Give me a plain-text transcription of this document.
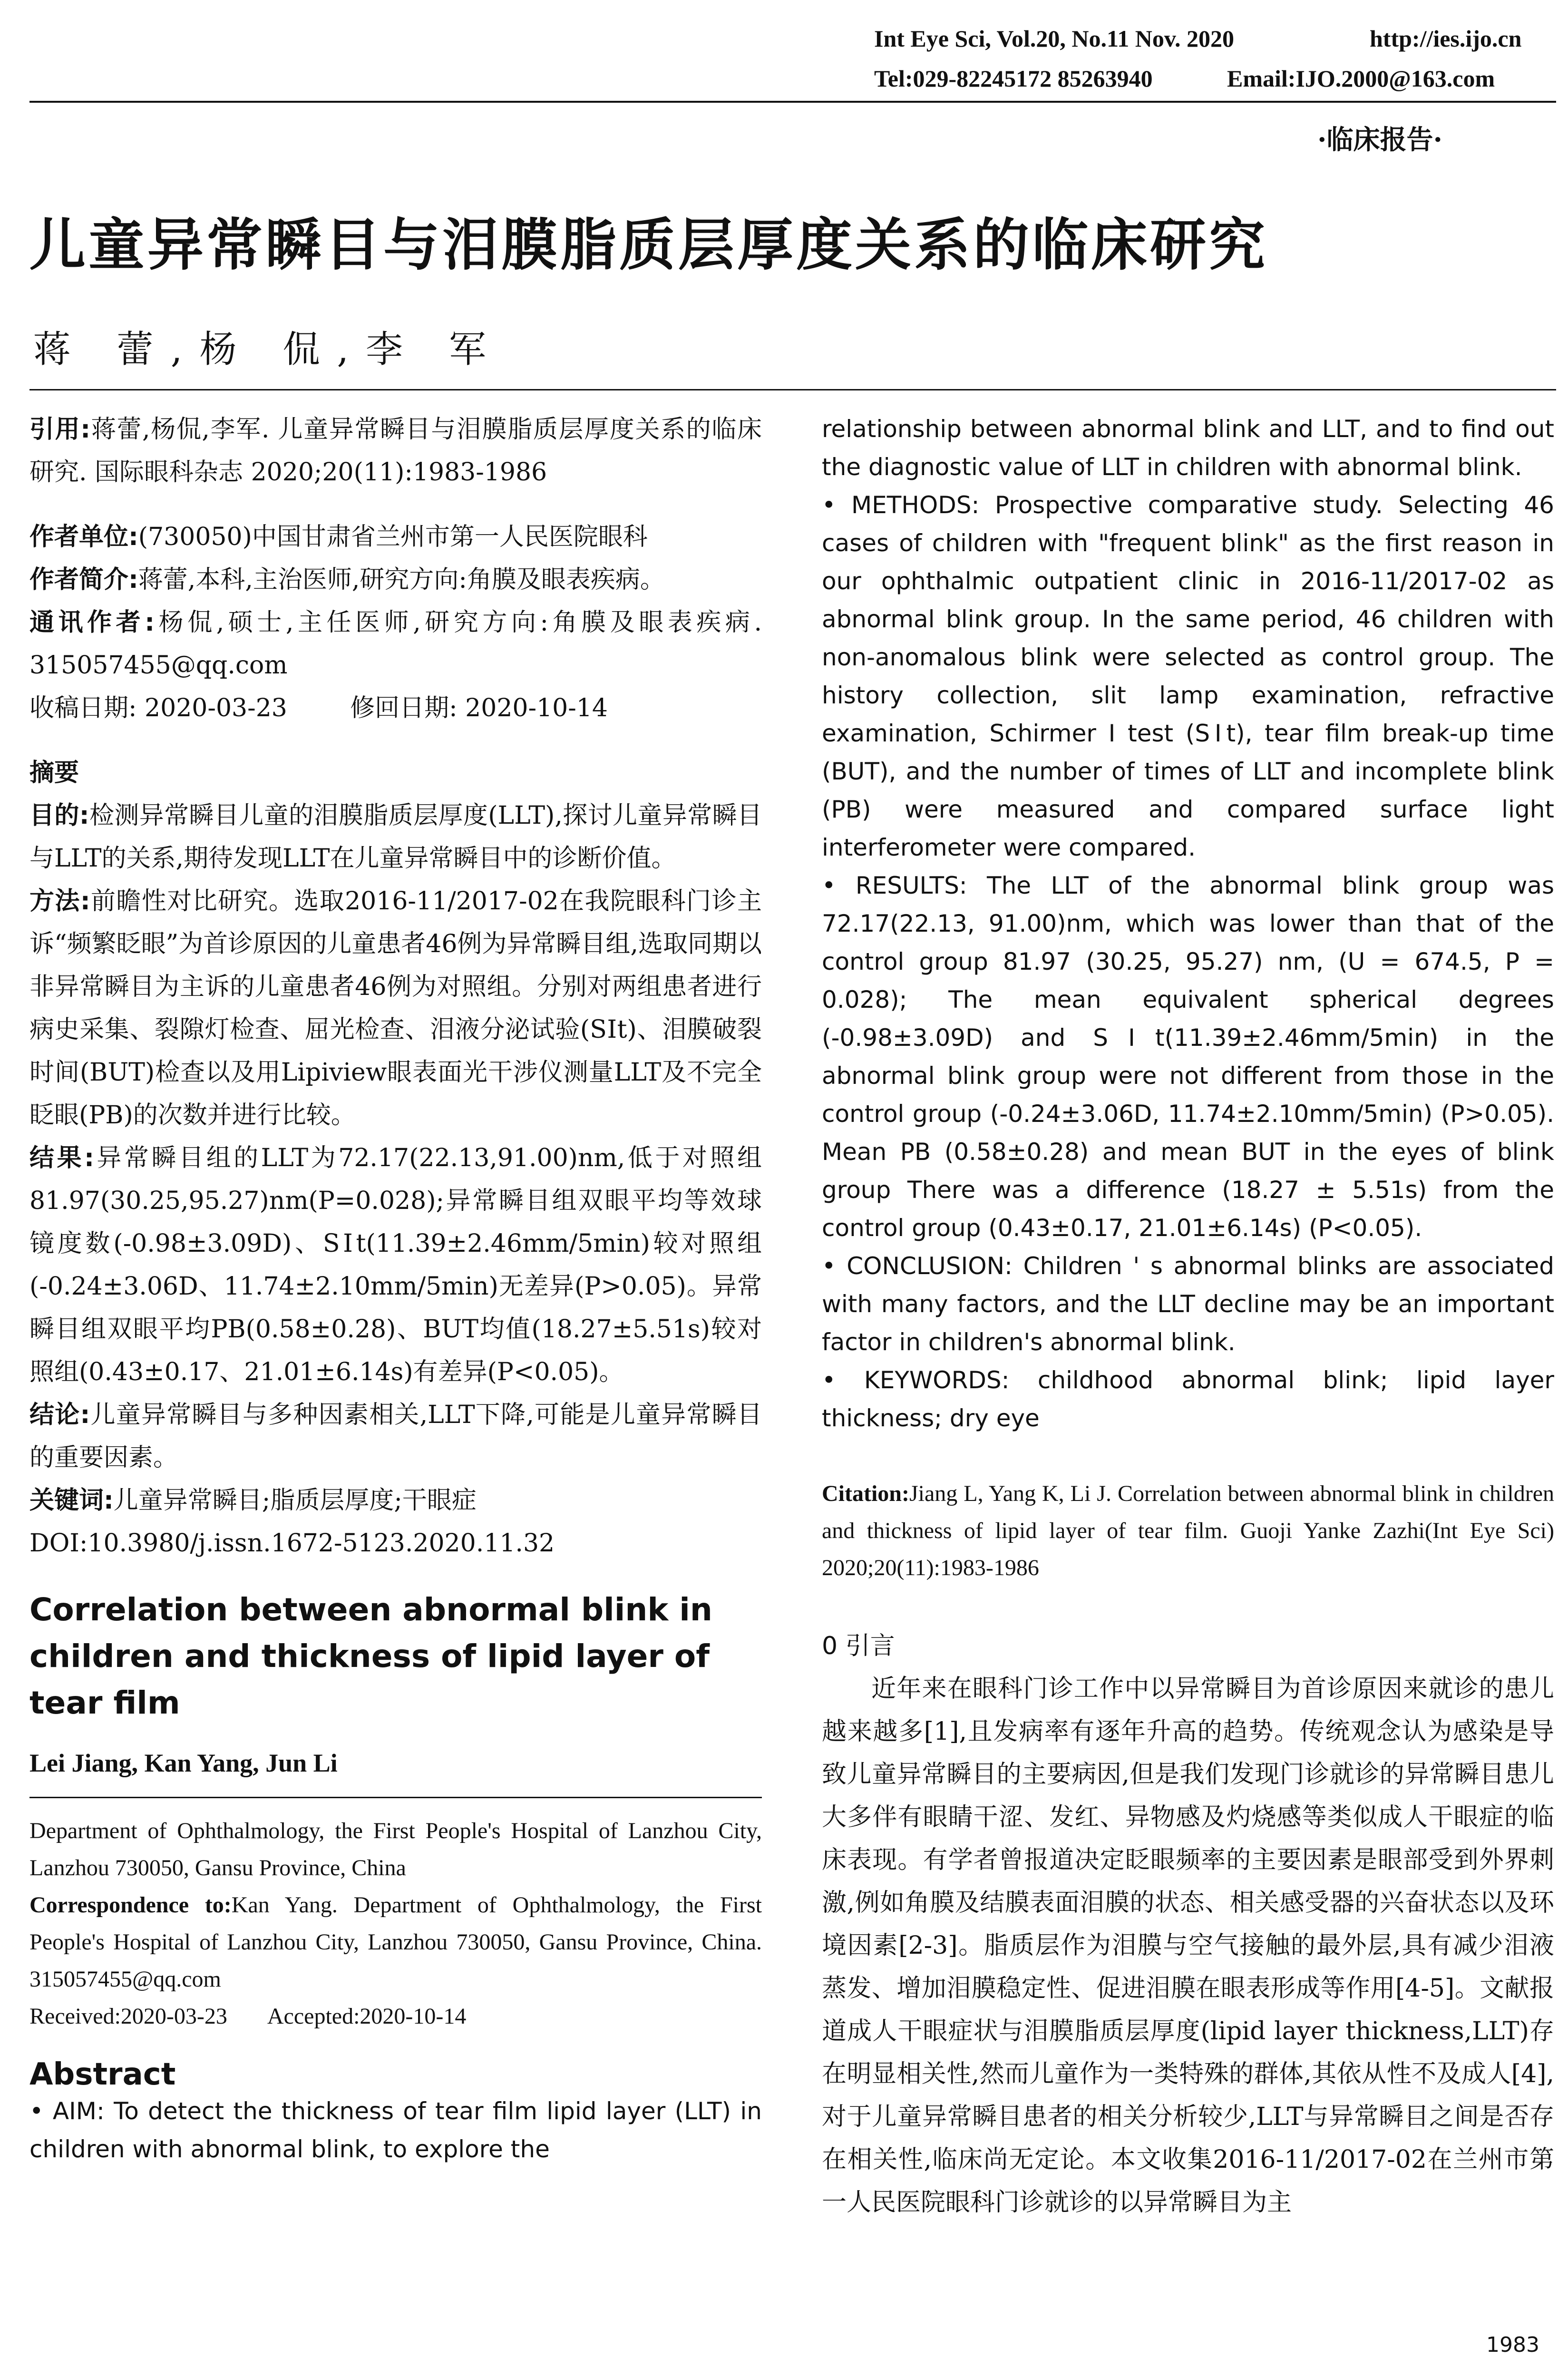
Int Eye Sci, Vol.20, No.11 Nov. 2020	http://ies.ijo.cn
Tel:029-82245172 85263940	Email:IJO.2000@163.com
·临床报告·
儿童异常瞬目与泪膜脂质层厚度关系的临床研究
蒋 蕾,杨 侃,李 军

引用:蒋蕾,杨侃,李军. 儿童异常瞬目与泪膜脂质层厚度关系的临床研究. 国际眼科杂志 2020;20(11):1983-1986

作者单位:(730050)中国甘肃省兰州市第一人民医院眼科

作者简介:蒋蕾,本科,主治医师,研究方向:角膜及眼表疾病。

通讯作者:杨侃,硕士,主任医师,研究方向:角膜及眼表疾病. 315057455@qq.com

收稿日期: 2020-03-23	修回日期: 2020-10-14

摘要

目的:检测异常瞬目儿童的泪膜脂质层厚度(LLT),探讨儿童异常瞬目与LLT的关系,期待发现LLT在儿童异常瞬目中的诊断价值。

方法:前瞻性对比研究。选取2016-11/2017-02在我院眼科门诊主诉“频繁眨眼”为首诊原因的儿童患者46例为异常瞬目组,选取同期以非异常瞬目为主诉的儿童患者46例为对照组。分别对两组患者进行病史采集、裂隙灯检查、屈光检查、泪液分泌试验(SⅠt)、泪膜破裂时间(BUT)检查以及用Lipiview眼表面光干涉仪测量LLT及不完全眨眼(PB)的次数并进行比较。

结果:异常瞬目组的LLT为72.17(22.13,91.00)nm,低于对照组81.97(30.25,95.27)nm(P=0.028);异常瞬目组双眼平均等效球镜度数(-0.98±3.09D)、SⅠt(11.39±2.46mm/5min)较对照组(-0.24±3.06D、11.74±2.10mm/5min)无差异(P>0.05)。异常瞬目组双眼平均PB(0.58±0.28)、BUT均值(18.27±5.51s)较对照组(0.43±0.17、21.01±6.14s)有差异(P<0.05)。

结论:儿童异常瞬目与多种因素相关,LLT下降,可能是儿童异常瞬目的重要因素。

关键词:儿童异常瞬目;脂质层厚度;干眼症

DOI:10.3980/j.issn.1672-5123.2020.11.32

Correlation between abnormal blink in children and thickness of lipid layer of tear film

Lei Jiang, Kan Yang, Jun Li

Department of Ophthalmology, the First People's Hospital of Lanzhou City, Lanzhou 730050, Gansu Province, China

Correspondence to:Kan Yang. Department of Ophthalmology, the First People's Hospital of Lanzhou City, Lanzhou 730050, Gansu Province, China. 315057455@qq.com

Received:2020-03-23 Accepted:2020-10-14

Abstract

• AIM: To detect the thickness of tear film lipid layer (LLT) in children with abnormal blink, to explore the

relationship between abnormal blink and LLT, and to find out the diagnostic value of LLT in children with abnormal blink.

• METHODS: Prospective comparative study. Selecting 46 cases of children with "frequent blink" as the first reason in our ophthalmic outpatient clinic in 2016-11/2017-02 as abnormal blink group. In the same period, 46 children with non-anomalous blink were selected as control group. The history collection, slit lamp examination, refractive examination, Schirmer I test (SⅠt), tear film break-up time (BUT), and the number of times of LLT and incomplete blink (PB) were measured and compared surface light interferometer were compared.

• RESULTS: The LLT of the abnormal blink group was 72.17(22.13, 91.00)nm, which was lower than that of the control group 81.97 (30.25, 95.27) nm, (U = 674.5, P = 0.028); The mean equivalent spherical degrees (-0.98±3.09D) and SⅠt(11.39±2.46mm/5min) in the abnormal blink group were not different from those in the control group (-0.24±3.06D, 11.74±2.10mm/5min) (P>0.05). Mean PB (0.58±0.28) and mean BUT in the eyes of blink group There was a difference (18.27 ± 5.51s) from the control group (0.43±0.17, 21.01±6.14s) (P<0.05).

• CONCLUSION: Children ' s abnormal blinks are associated with many factors, and the LLT decline may be an important factor in children's abnormal blink.

• KEYWORDS: childhood abnormal blink; lipid layer thickness; dry eye

Citation:Jiang L, Yang K, Li J. Correlation between abnormal blink in children and thickness of lipid layer of tear film. Guoji Yanke Zazhi(Int Eye Sci) 2020;20(11):1983-1986

0 引言

近年来在眼科门诊工作中以异常瞬目为首诊原因来就诊的患儿越来越多[1],且发病率有逐年升高的趋势。传统观念认为感染是导致儿童异常瞬目的主要病因,但是我们发现门诊就诊的异常瞬目患儿大多伴有眼睛干涩、发红、异物感及灼烧感等类似成人干眼症的临床表现。有学者曾报道决定眨眼频率的主要因素是眼部受到外界刺激,例如角膜及结膜表面泪膜的状态、相关感受器的兴奋状态以及环境因素[2-3]。脂质层作为泪膜与空气接触的最外层,具有减少泪液蒸发、增加泪膜稳定性、促进泪膜在眼表形成等作用[4-5]。文献报道成人干眼症状与泪膜脂质层厚度(lipid layer thickness,LLT)存在明显相关性,然而儿童作为一类特殊的群体,其依从性不及成人[4],对于儿童异常瞬目患者的相关分析较少,LLT与异常瞬目之间是否存在相关性,临床尚无定论。本文收集2016-11/2017-02在兰州市第一人民医院眼科门诊就诊的以异常瞬目为主

1983
